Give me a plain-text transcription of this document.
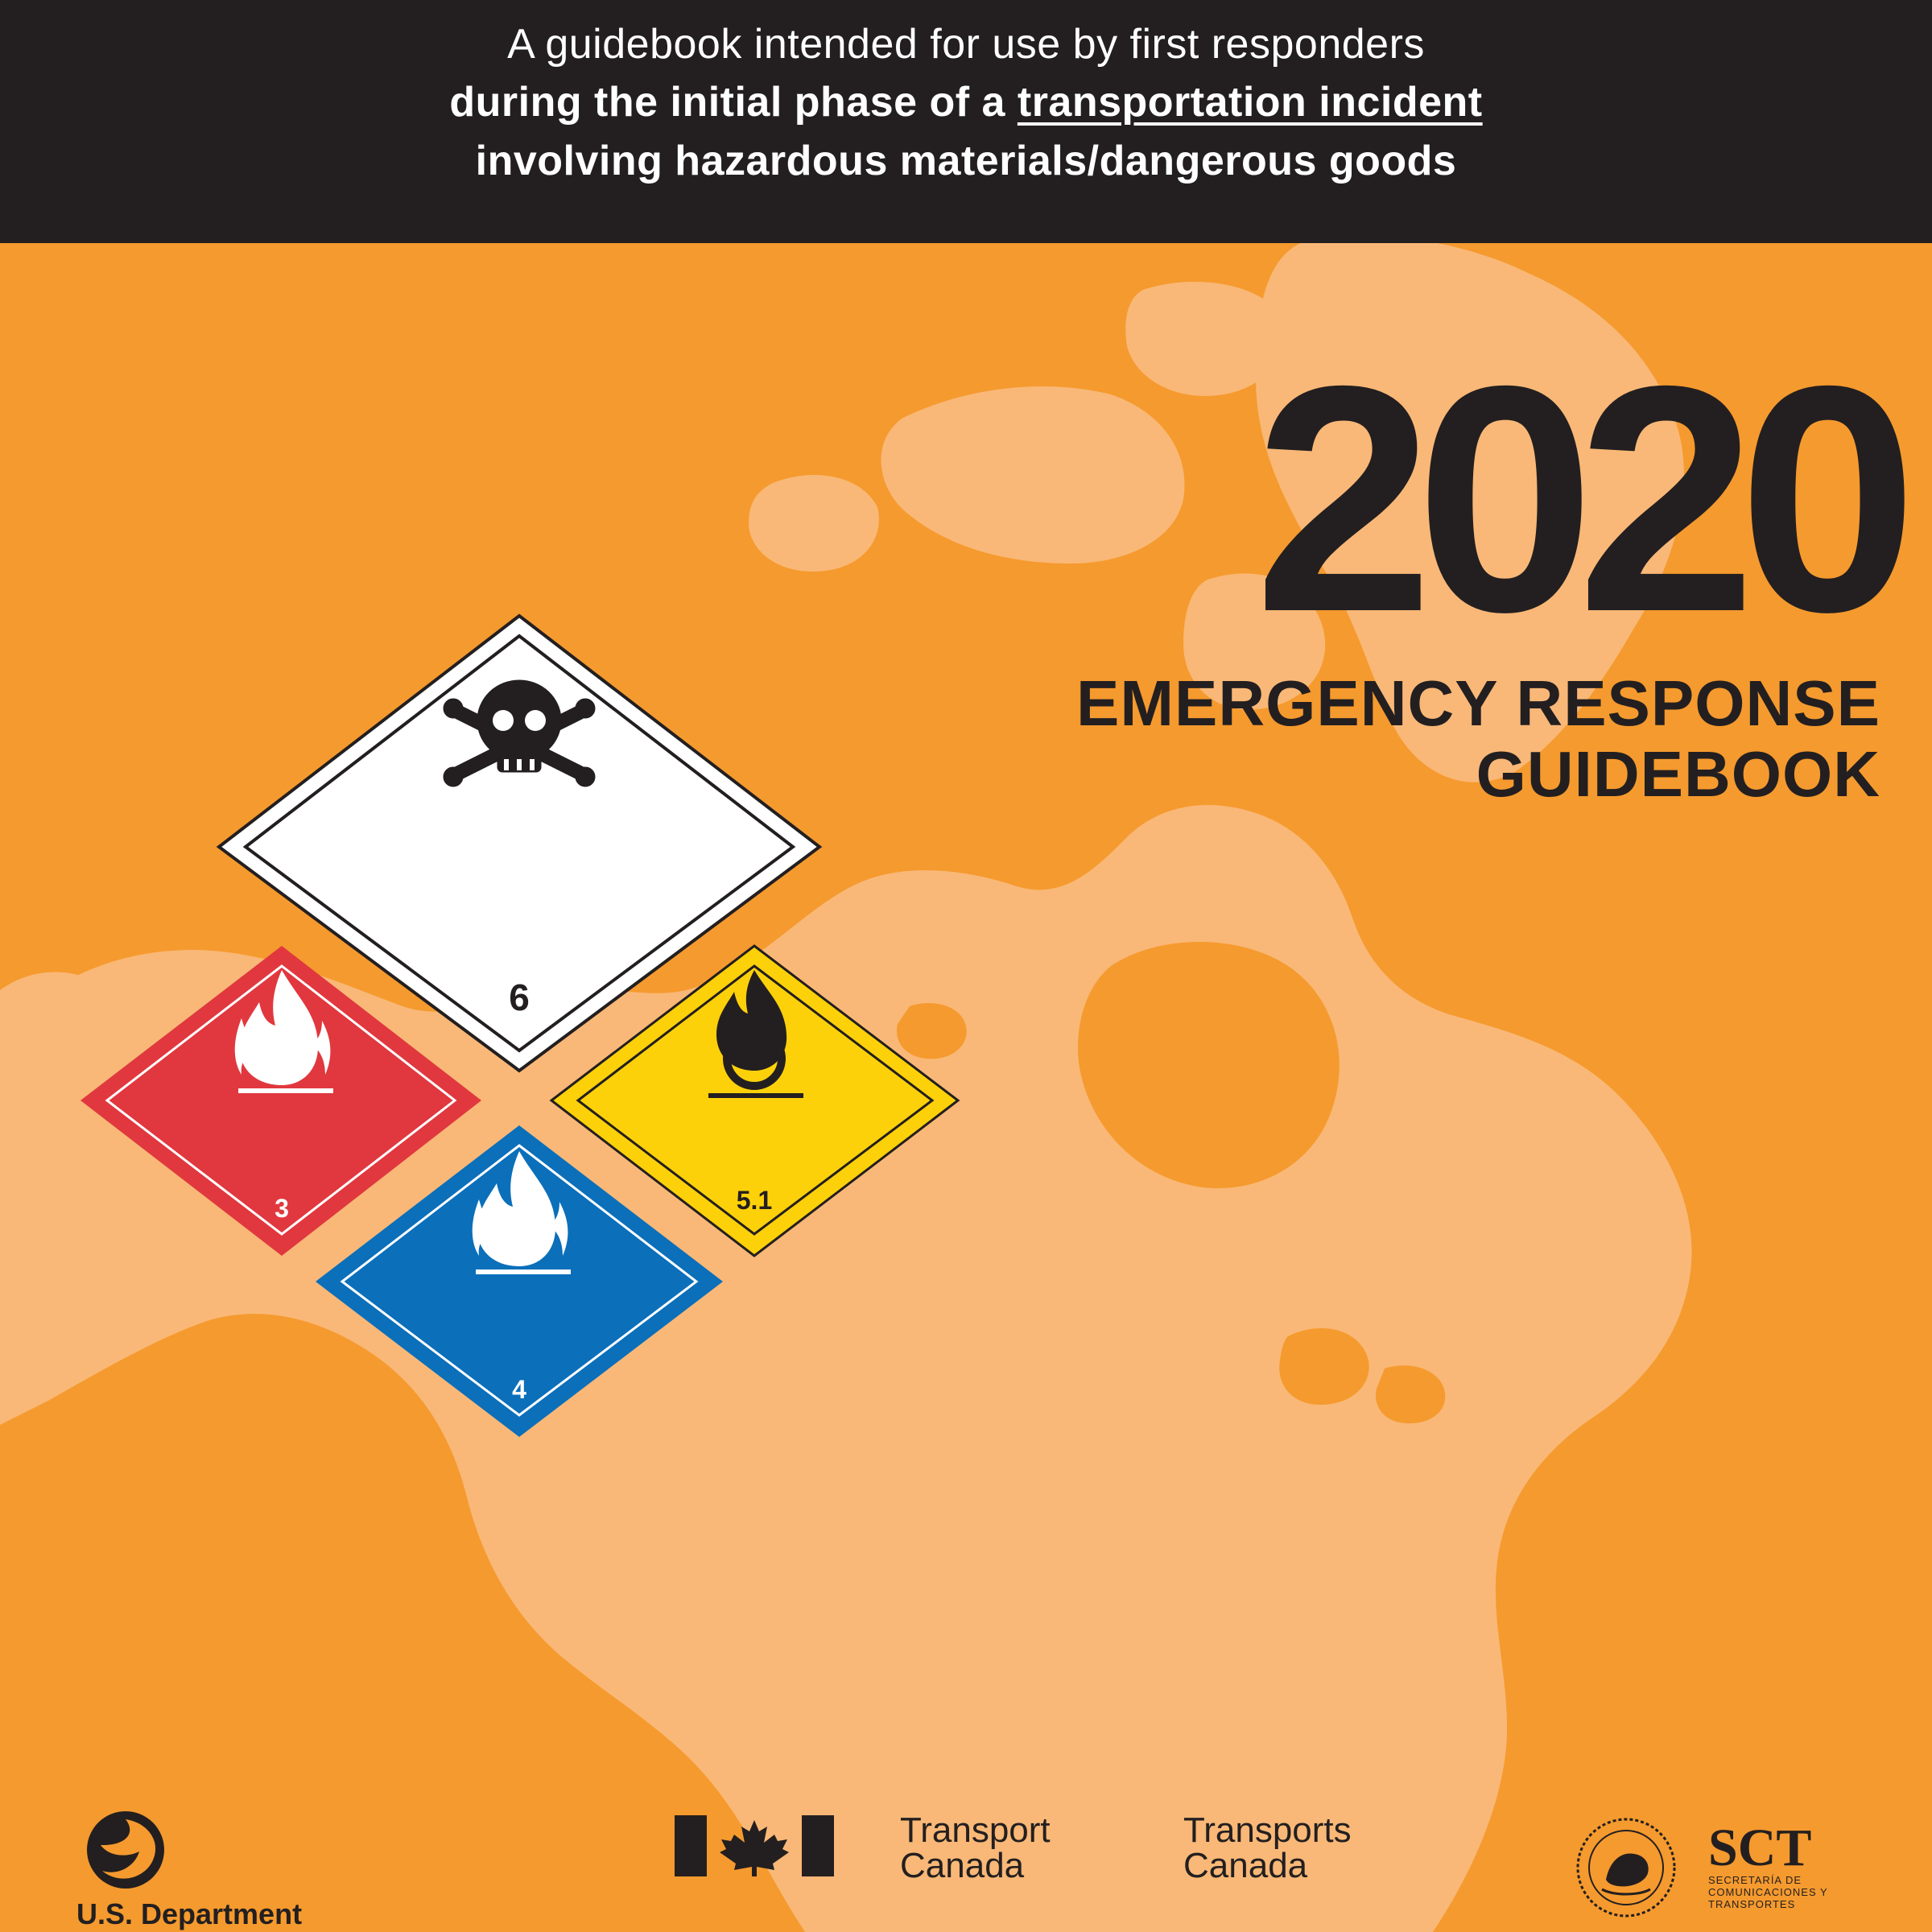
A guidebook intended for use by first responders
during the initial phase of a transportation incident
involving hazardous materials/dangerous goods
2020
EMERGENCY RESPONSE
GUIDEBOOK
6
3	5.1
4
U.S. Department
Transport
Canada
Transports
Canada	SCT
SECRETARÍA DE COMUNICACIONES Y TRANSPORTES
